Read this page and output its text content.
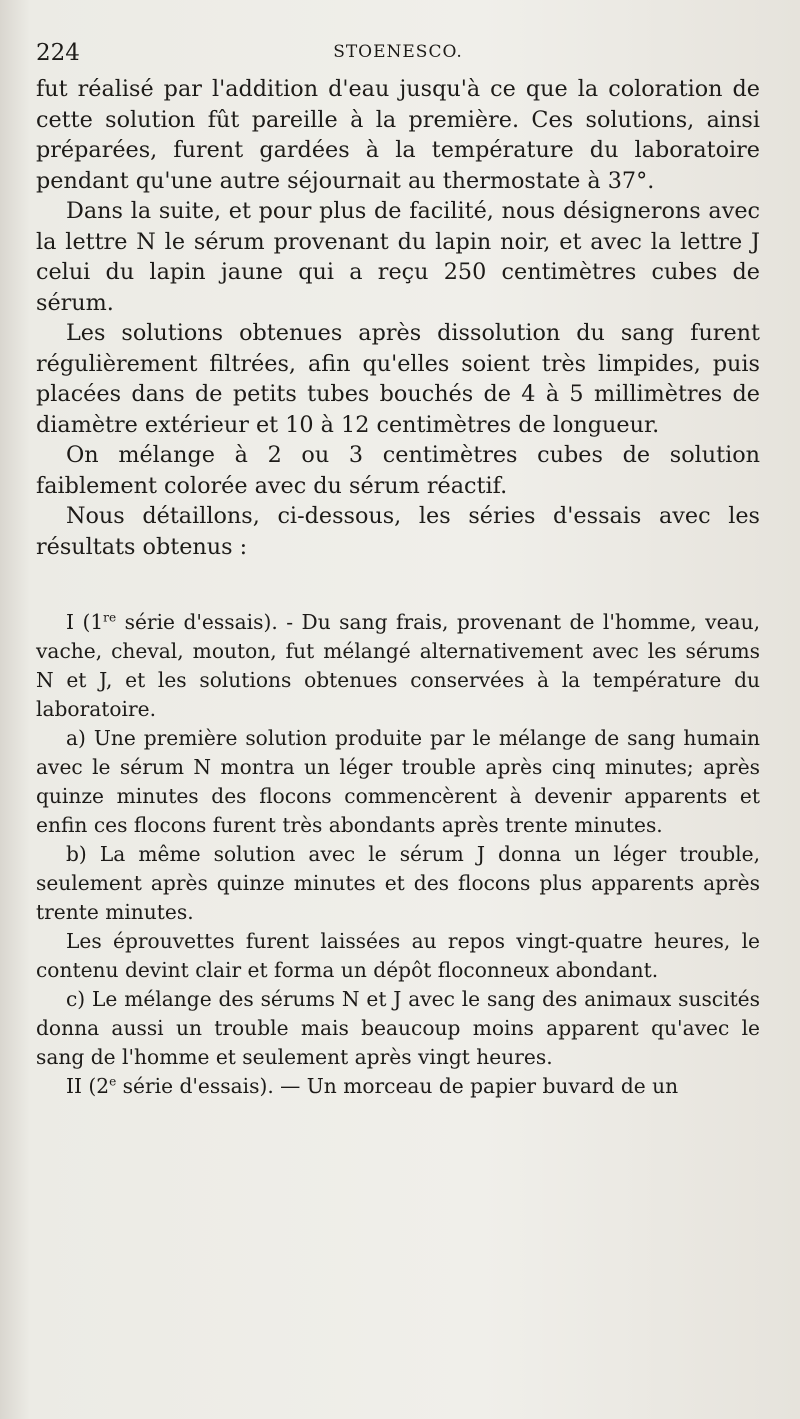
224	STOENESCO.

fut réalisé par l'addition d'eau jusqu'à ce que la coloration de cette solution fût pareille à la première. Ces solutions, ainsi préparées, furent gardées à la température du laboratoire pendant qu'une autre séjournait au thermostate à 37°.

Dans la suite, et pour plus de facilité, nous désignerons avec la lettre N le sérum provenant du lapin noir, et avec la lettre J celui du lapin jaune qui a reçu 250 centimètres cubes de sérum.

Les solutions obtenues après dissolution du sang furent régulièrement filtrées, afin qu'elles soient très limpides, puis placées dans de petits tubes bouchés de 4 à 5 millimètres de diamètre extérieur et 10 à 12 centimètres de longueur.

On mélange à 2 ou 3 centimètres cubes de solution faiblement colorée avec du sérum réactif.

Nous détaillons, ci-dessous, les séries d'essais avec les résultats obtenus :

I (1re série d'essais). - Du sang frais, provenant de l'homme, veau, vache, cheval, mouton, fut mélangé alternativement avec les sérums N et J, et les solutions obtenues conservées à la température du laboratoire.

a) Une première solution produite par le mélange de sang humain avec le sérum N montra un léger trouble après cinq minutes; après quinze minutes des flocons commencèrent à devenir apparents et enfin ces flocons furent très abondants après trente minutes.

b) La même solution avec le sérum J donna un léger trouble, seulement après quinze minutes et des flocons plus apparents après trente minutes.

Les éprouvettes furent laissées au repos vingt-quatre heures, le contenu devint clair et forma un dépôt floconneux abondant.

c) Le mélange des sérums N et J avec le sang des animaux suscités donna aussi un trouble mais beaucoup moins apparent qu'avec le sang de l'homme et seulement après vingt heures.

II (2e série d'essais). — Un morceau de papier buvard de un
